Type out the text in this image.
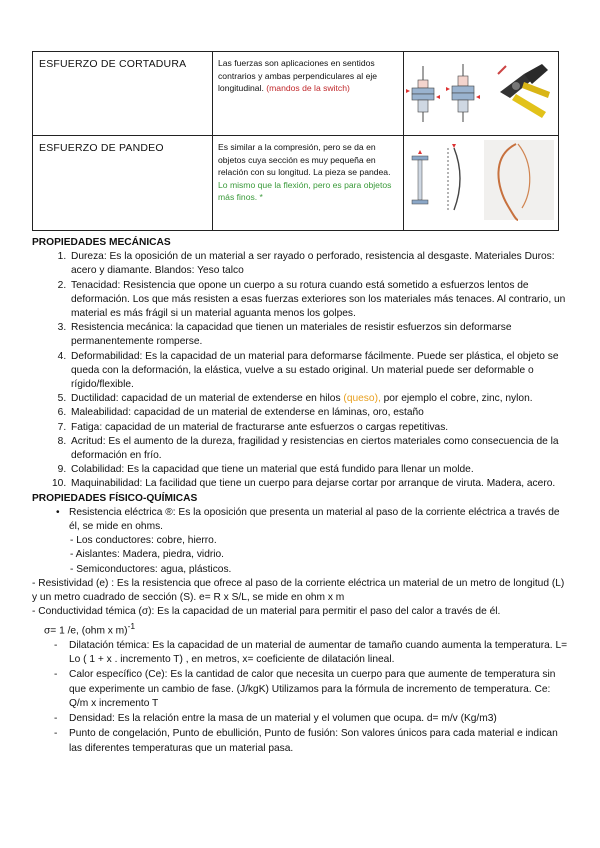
ESFUERZO DE CORTADURA	Las fuerzas son aplicaciones en sentidos contrarios y ambas perpendiculares al eje longitudinal. (mandos de la switch)	
ESFUERZO DE PANDEO	Es similar a la compresión, pero se da en objetos cuya sección es muy pequeña en relación con su longitud. La pieza se pandea. Lo mismo que la flexión, pero es para objetos más finos. *	
PROPIEDADES MECÁNICAS
1. Dureza: Es la oposición de un material a ser rayado o perforado, resistencia al desgaste. Materiales Duros: acero y diamante. Blandos: Yeso talco
2. Tenacidad: Resistencia que opone un cuerpo a su rotura cuando está sometido a esfuerzos lentos de deformación. Los que más resisten a esas fuerzas exteriores son los materiales más tenaces. Al contrario, un material es más frágil si un material aguanta menos los golpes.
3. Resistencia mecánica: la capacidad que tienen un materiales de resistir esfuerzos sin deformarse permanentemente romperse.
4. Deformabilidad: Es la capacidad de un material para deformarse fácilmente. Puede ser plástica, el objeto se queda con la deformación, la elástica, vuelve a su estado original. Un material puede ser deformable o rígido/flexible.
5. Ductilidad: capacidad de un material de extenderse en hilos (queso), por ejemplo el cobre, zinc, nylon.
6. Maleabilidad: capacidad de un material de extenderse en láminas, oro, estaño
7. Fatiga: capacidad de un material de fracturarse ante esfuerzos o cargas repetitivas.
8. Acritud: Es el aumento de la dureza, fragilidad y resistencias en ciertos materiales como consecuencia de la deformación en frío.
9. Colabilidad: Es la capacidad que tiene un material que está fundido para llenar un molde.
10. Maquinabilidad: La facilidad que tiene un cuerpo para dejarse cortar por arranque de viruta. Madera, acero.
PROPIEDADES FÍSICO-QUÍMICAS
• Resistencia eléctrica ®: Es la oposición que presenta un material al paso de la corriente eléctrica a través de él, se mide en ohms.
- Los conductores: cobre, hierro.
- Aislantes: Madera, piedra, vidrio.
- Semiconductores: agua, plásticos.
- Resistividad (e) : Es la resistencia que ofrece al paso de la corriente eléctrica un material de un metro de longitud (L) y un metro cuadrado de sección (S). e= R x S/L, se mide en ohm x m
- Conductividad témica (σ): Es la capacidad de un material para permitir el paso del calor a través de él.
σ= 1 /e, (ohm x m)$^{-1}$
- Dilatación témica: Es la capacidad de un material de aumentar de tamaño cuando aumenta la temperatura. L= Lo ( 1 + x . incremento T) , en metros, x= coeficiente de dilatación lineal.
- Calor específico (Ce): Es la cantidad de calor que necesita un cuerpo para que aumente de temperatura sin que experimente un cambio de fase. (J/kgK) Utilizamos para la fórmula de incremento de temperatura. Ce: Q/m x incremento T
- Densidad: Es la relación entre la masa de un material y el volumen que ocupa. d= m/v (Kg/m3)
- Punto de congelación, Punto de ebullición, Punto de fusión: Son valores únicos para cada material e indican las diferentes temperaturas que un material pasa.
